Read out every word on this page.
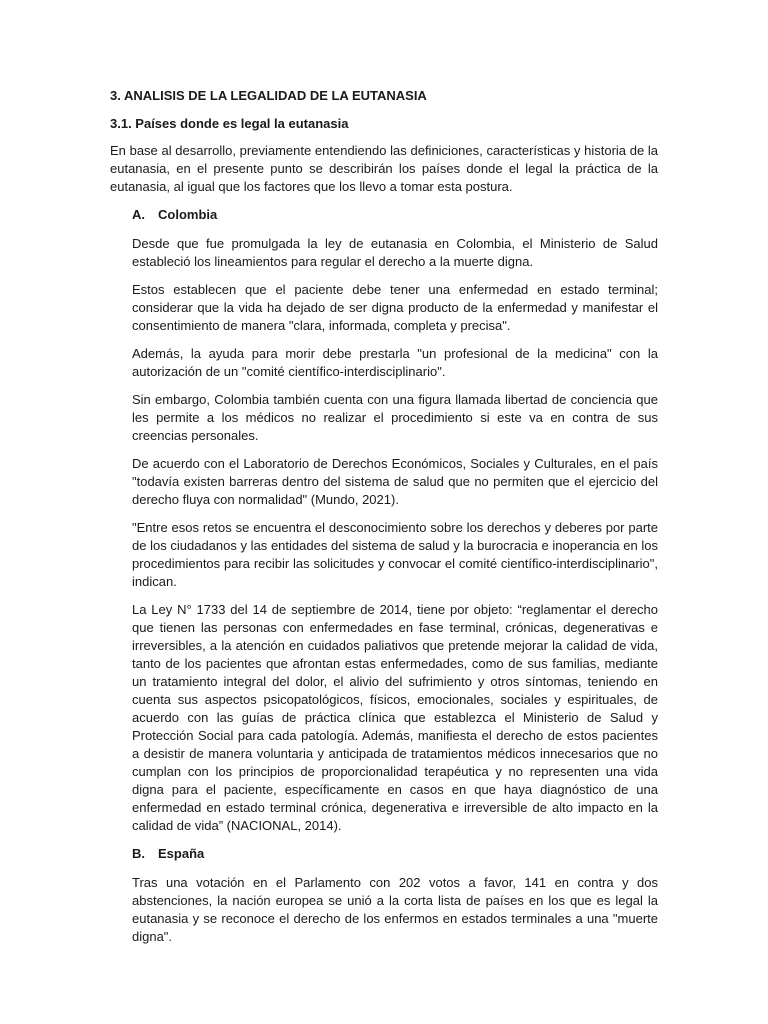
3. ANALISIS DE LA LEGALIDAD DE LA EUTANASIA
3.1. Países donde es legal la eutanasia

En base al desarrollo, previamente entendiendo las definiciones, características y historia de la eutanasia, en el presente punto se describirán los países donde el legal la práctica de la eutanasia, al igual que los factores que los llevo a tomar esta postura.

A.	Colombia

Desde que fue promulgada la ley de eutanasia en Colombia, el Ministerio de Salud estableció los lineamientos para regular el derecho a la muerte digna.

Estos establecen que el paciente debe tener una enfermedad en estado terminal; considerar que la vida ha dejado de ser digna producto de la enfermedad y manifestar el consentimiento de manera "clara, informada, completa y precisa".

Además, la ayuda para morir debe prestarla "un profesional de la medicina" con la autorización de un "comité científico-interdisciplinario".

Sin embargo, Colombia también cuenta con una figura llamada libertad de conciencia que les permite a los médicos no realizar el procedimiento si este va en contra de sus creencias personales.

De acuerdo con el Laboratorio de Derechos Económicos, Sociales y Culturales, en el país "todavía existen barreras dentro del sistema de salud que no permiten que el ejercicio del derecho fluya con normalidad" (Mundo, 2021).

"Entre esos retos se encuentra el desconocimiento sobre los derechos y deberes por parte de los ciudadanos y las entidades del sistema de salud y la burocracia e inoperancia en los procedimientos para recibir las solicitudes y convocar el comité científico-interdisciplinario", indican.

La Ley N° 1733 del 14 de septiembre de 2014, tiene por objeto: “reglamentar el derecho que tienen las personas con enfermedades en fase terminal, crónicas, degenerativas e irreversibles, a la atención en cuidados paliativos que pretende mejorar la calidad de vida, tanto de los pacientes que afrontan estas enfermedades, como de sus familias, mediante un tratamiento integral del dolor, el alivio del sufrimiento y otros síntomas, teniendo en cuenta sus aspectos psicopatológicos, físicos, emocionales, sociales y espirituales, de acuerdo con las guías de práctica clínica que establezca el Ministerio de Salud y Protección Social para cada patología. Además, manifiesta el derecho de estos pacientes a desistir de manera voluntaria y anticipada de tratamientos médicos innecesarios que no cumplan con los principios de proporcionalidad terapéutica y no representen una vida digna para el paciente, específicamente en casos en que haya diagnóstico de una enfermedad en estado terminal crónica, degenerativa e irreversible de alto impacto en la calidad de vida” (NACIONAL, 2014).

B.	España

Tras una votación en el Parlamento con 202 votos a favor, 141 en contra y dos abstenciones, la nación europea se unió a la corta lista de países en los que es legal la eutanasia y se reconoce el derecho de los enfermos en estados terminales a una "muerte digna".
